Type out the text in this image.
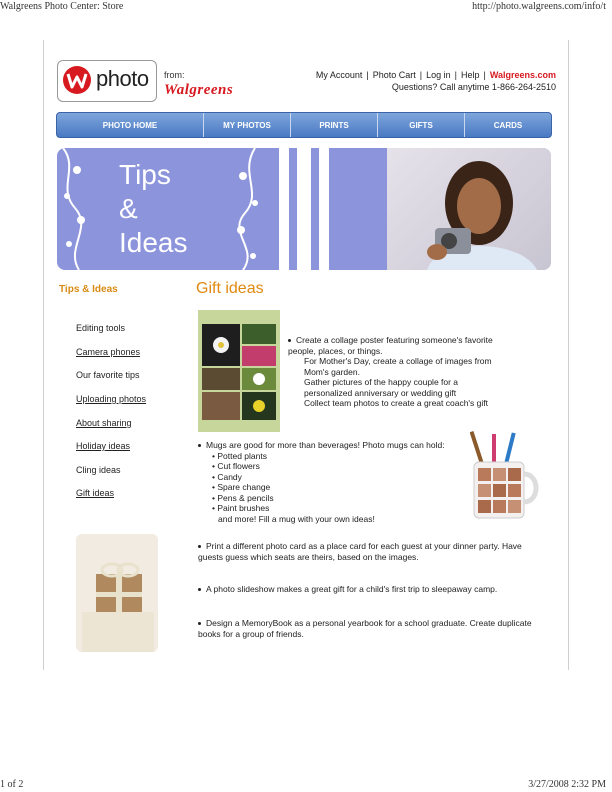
Walgreens Photo Center: Store	http://photo.walgreens.com/info/t
photo from:
Walgreens
My Account | Photo Cart | Log in | Help | Walgreens.com
Questions? Call anytime 1-866-264-2510
PHOTO HOME	MY PHOTOS	PRINTS	GIFTS	CARDS
Tips
&
Ideas
Tips & Ideas
Editing tools
Camera phones
Our favorite tips
Uploading photos
About sharing
Holiday ideas
Cling ideas
Gift ideas
Gift ideas
Create a collage poster featuring someone's favorite people, places, or things.
For Mother's Day, create a collage of images from Mom's garden.
Gather pictures of the happy couple for a personalized anniversary or wedding gift
Collect team photos to create a great coach's gift
Mugs are good for more than beverages! Photo mugs can hold:
• Potted plants
• Cut flowers
• Candy
• Spare change
• Pens & pencils
• Paint brushes
and more! Fill a mug with your own ideas!
Print a different photo card as a place card for each guest at your dinner party. Have guests guess which seats are theirs, based on the images.
A photo slideshow makes a great gift for a child's first trip to sleepaway camp.
Design a MemoryBook as a personal yearbook for a school graduate. Create duplicate books for a group of friends.
1 of 2	3/27/2008 2:32 PM
